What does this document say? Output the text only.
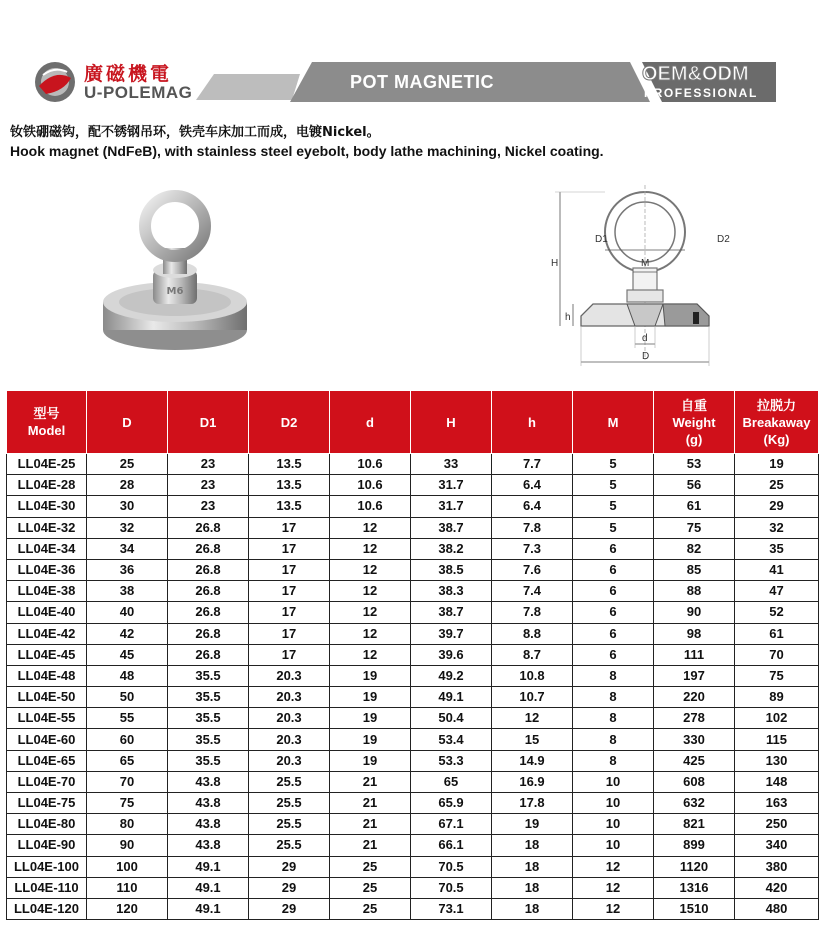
廣磁機電
U-POLEMAG
POT MAGNETIC	OEM&ODM
PROFESSIONAL
钕铁硼磁钩，配不锈钢吊环，铁壳车床加工而成，电镀Nickel。
Hook magnet (NdFeB), with stainless steel eyebolt, body lathe machining, Nickel coating.
M6
D1	D2
H
h
M
d
D
型号
Model	D	D1	D2	d	H	h	M	自重
Weight
(g)	拉脱力
Breakaway
(Kg)
LL04E-25	25	23	13.5	10.6	33	7.7	5	53	19
LL04E-28	28	23	13.5	10.6	31.7	6.4	5	56	25
LL04E-30	30	23	13.5	10.6	31.7	6.4	5	61	29
LL04E-32	32	26.8	17	12	38.7	7.8	5	75	32
LL04E-34	34	26.8	17	12	38.2	7.3	6	82	35
LL04E-36	36	26.8	17	12	38.5	7.6	6	85	41
LL04E-38	38	26.8	17	12	38.3	7.4	6	88	47
LL04E-40	40	26.8	17	12	38.7	7.8	6	90	52
LL04E-42	42	26.8	17	12	39.7	8.8	6	98	61
LL04E-45	45	26.8	17	12	39.6	8.7	6	111	70
LL04E-48	48	35.5	20.3	19	49.2	10.8	8	197	75
LL04E-50	50	35.5	20.3	19	49.1	10.7	8	220	89
LL04E-55	55	35.5	20.3	19	50.4	12	8	278	102
LL04E-60	60	35.5	20.3	19	53.4	15	8	330	115
LL04E-65	65	35.5	20.3	19	53.3	14.9	8	425	130
LL04E-70	70	43.8	25.5	21	65	16.9	10	608	148
LL04E-75	75	43.8	25.5	21	65.9	17.8	10	632	163
LL04E-80	80	43.8	25.5	21	67.1	19	10	821	250
LL04E-90	90	43.8	25.5	21	66.1	18	10	899	340
LL04E-100	100	49.1	29	25	70.5	18	12	1120	380
LL04E-110	110	49.1	29	25	70.5	18	12	1316	420
LL04E-120	120	49.1	29	25	73.1	18	12	1510	480
